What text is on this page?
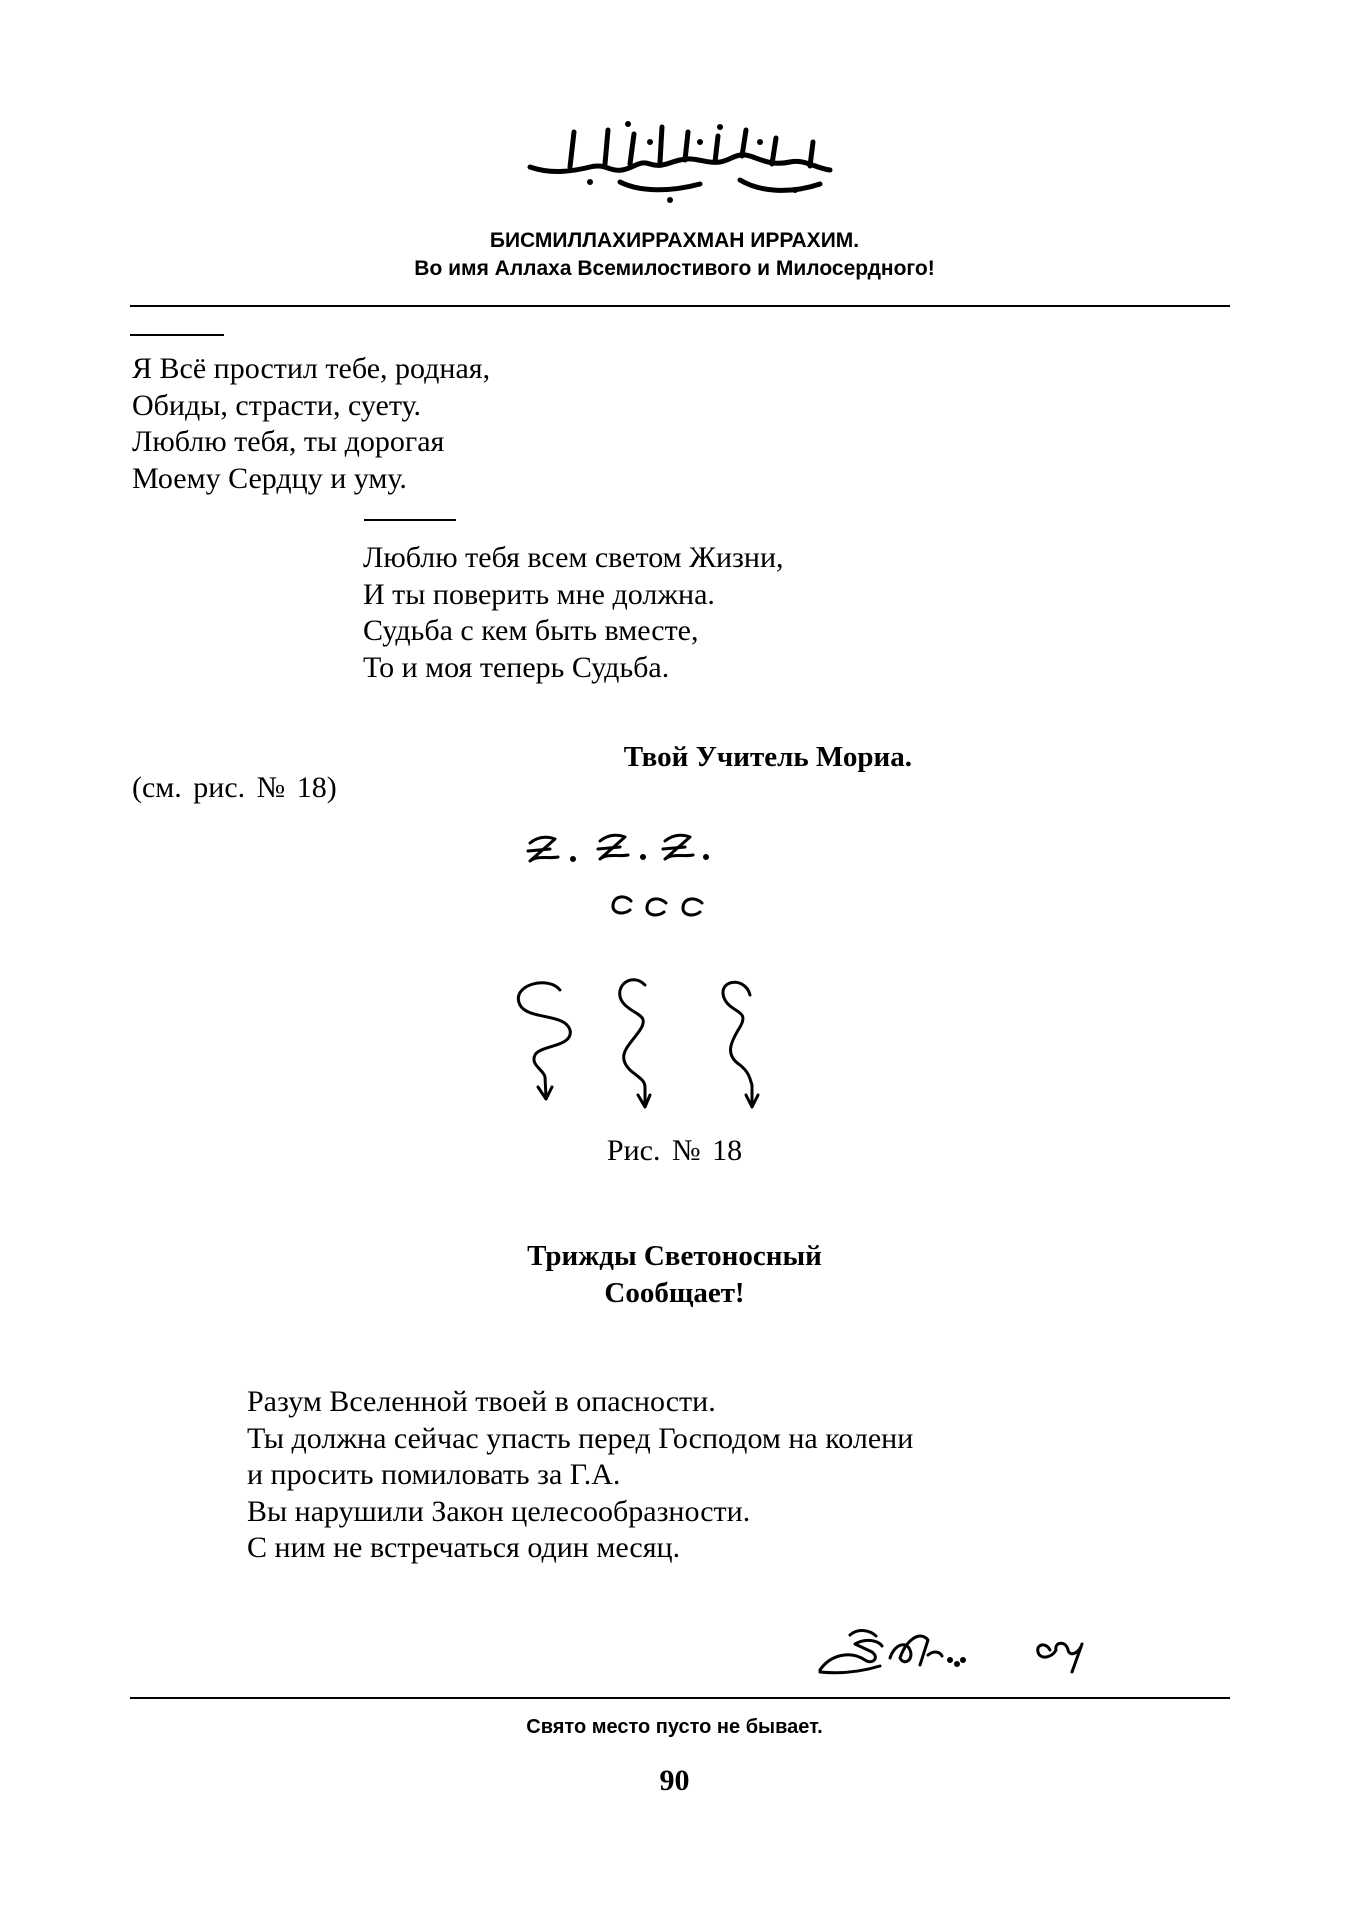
БИСМИЛЛАХИРРАХМАН ИРРАХИМ.
Во имя Аллаха Всемилостивого и Милосердного!
Я Всё простил тебе, родная,
Обиды, страсти, суету.
Люблю тебя, ты дорогая
Моему Сердцу и уму.
Люблю тебя всем светом Жизни,
И ты поверить мне должна.
Судьба с кем быть вместе,
То и моя теперь Судьба.
Твой Учитель Мориа.
(см. рис. № 18)
Рис. № 18
Трижды Светоносный
Сообщает!
Разум Вселенной твоей в опасности.
Ты должна сейчас упасть перед Господом на колени
и просить помиловать за Г.А.
Вы нарушили Закон целесообразности.
С ним не встречаться один месяц.
Свято место пусто не бывает.
90
